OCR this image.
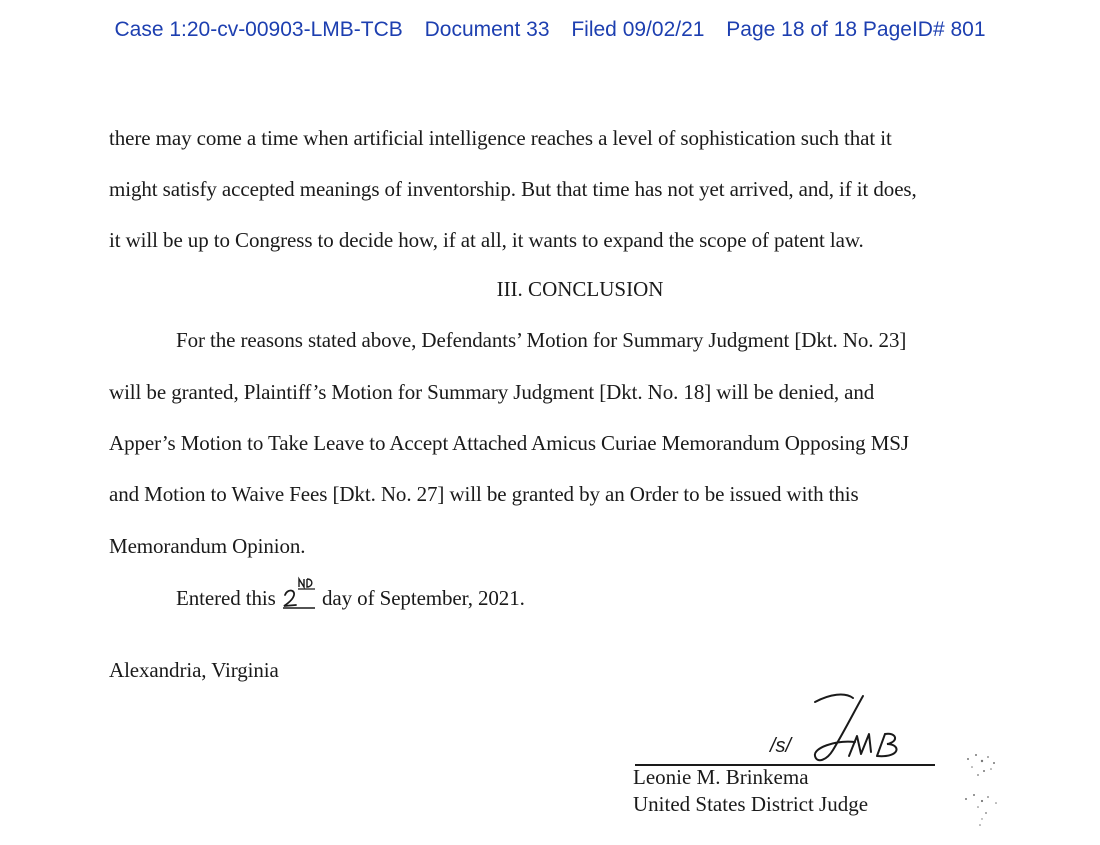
Case 1:20-cv-00903-LMB-TCB Document 33 Filed 09/02/21 Page 18 of 18 PageID# 801
there may come a time when artificial intelligence reaches a level of sophistication such that it
might satisfy accepted meanings of inventorship. But that time has not yet arrived, and, if it does,
it will be up to Congress to decide how, if at all, it wants to expand the scope of patent law.
III. CONCLUSION
For the reasons stated above, Defendants’ Motion for Summary Judgment [Dkt. No. 23]
will be granted, Plaintiff’s Motion for Summary Judgment [Dkt. No. 18] will be denied, and
Apper’s Motion to Take Leave to Accept Attached Amicus Curiae Memorandum Opposing MSJ
and Motion to Waive Fees [Dkt. No. 27] will be granted by an Order to be issued with this
Memorandum Opinion.
Entered this day of September, 2021.
Alexandria, Virginia
/s/
Leonie M. Brinkema
United States District Judge
